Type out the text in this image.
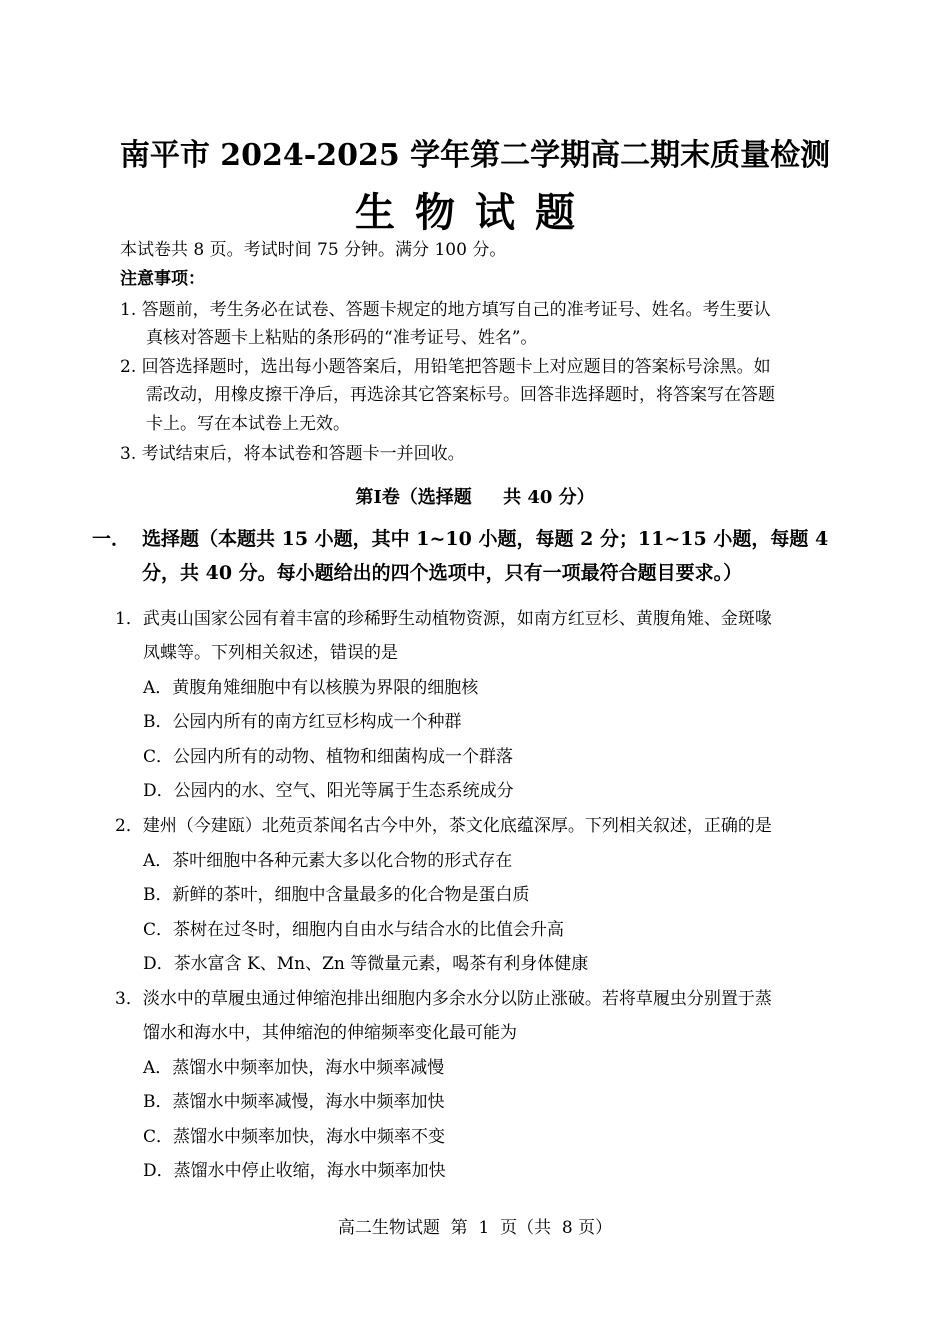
南平市 2024-2025 学年第二学期高二期末质量检测
生物试题
本试卷共 8 页。考试时间 75 分钟。满分 100 分。
注意事项：
1. 答题前，考生务必在试卷、答题卡规定的地方填写自己的准考证号、姓名。考生要认
真核对答题卡上粘贴的条形码的“准考证号、姓名”。
2. 回答选择题时，选出每小题答案后，用铅笔把答题卡上对应题目的答案标号涂黑。如
需改动，用橡皮擦干净后，再选涂其它答案标号。回答非选择题时，将答案写在答题
卡上。写在本试卷上无效。
3. 考试结束后，将本试卷和答题卡一并回收。
第Ⅰ卷（选择题     共 40 分）
一． 选择题（本题共 15 小题，其中 1~10 小题，每题 2 分；11~15 小题，每题 4
分，共 40 分。每小题给出的四个选项中，只有一项最符合题目要求。）
1．武夷山国家公园有着丰富的珍稀野生动植物资源，如南方红豆杉、黄腹角雉、金斑喙
凤蝶等。下列相关叙述，错误的是
A．黄腹角雉细胞中有以核膜为界限的细胞核
B．公园内所有的南方红豆杉构成一个种群
C．公园内所有的动物、植物和细菌构成一个群落
D．公园内的水、空气、阳光等属于生态系统成分
2．建州（今建瓯）北苑贡茶闻名古今中外，茶文化底蕴深厚。下列相关叙述，正确的是
A．茶叶细胞中各种元素大多以化合物的形式存在
B．新鲜的茶叶，细胞中含量最多的化合物是蛋白质
C．茶树在过冬时，细胞内自由水与结合水的比值会升高
D．茶水富含 K、Mn、Zn 等微量元素，喝茶有利身体健康
3．淡水中的草履虫通过伸缩泡排出细胞内多余水分以防止涨破。若将草履虫分别置于蒸
馏水和海水中，其伸缩泡的伸缩频率变化最可能为
A．蒸馏水中频率加快，海水中频率减慢
B．蒸馏水中频率减慢，海水中频率加快
C．蒸馏水中频率加快，海水中频率不变
D．蒸馏水中停止收缩，海水中频率加快
高二生物试题  第  1  页（共  8 页）
